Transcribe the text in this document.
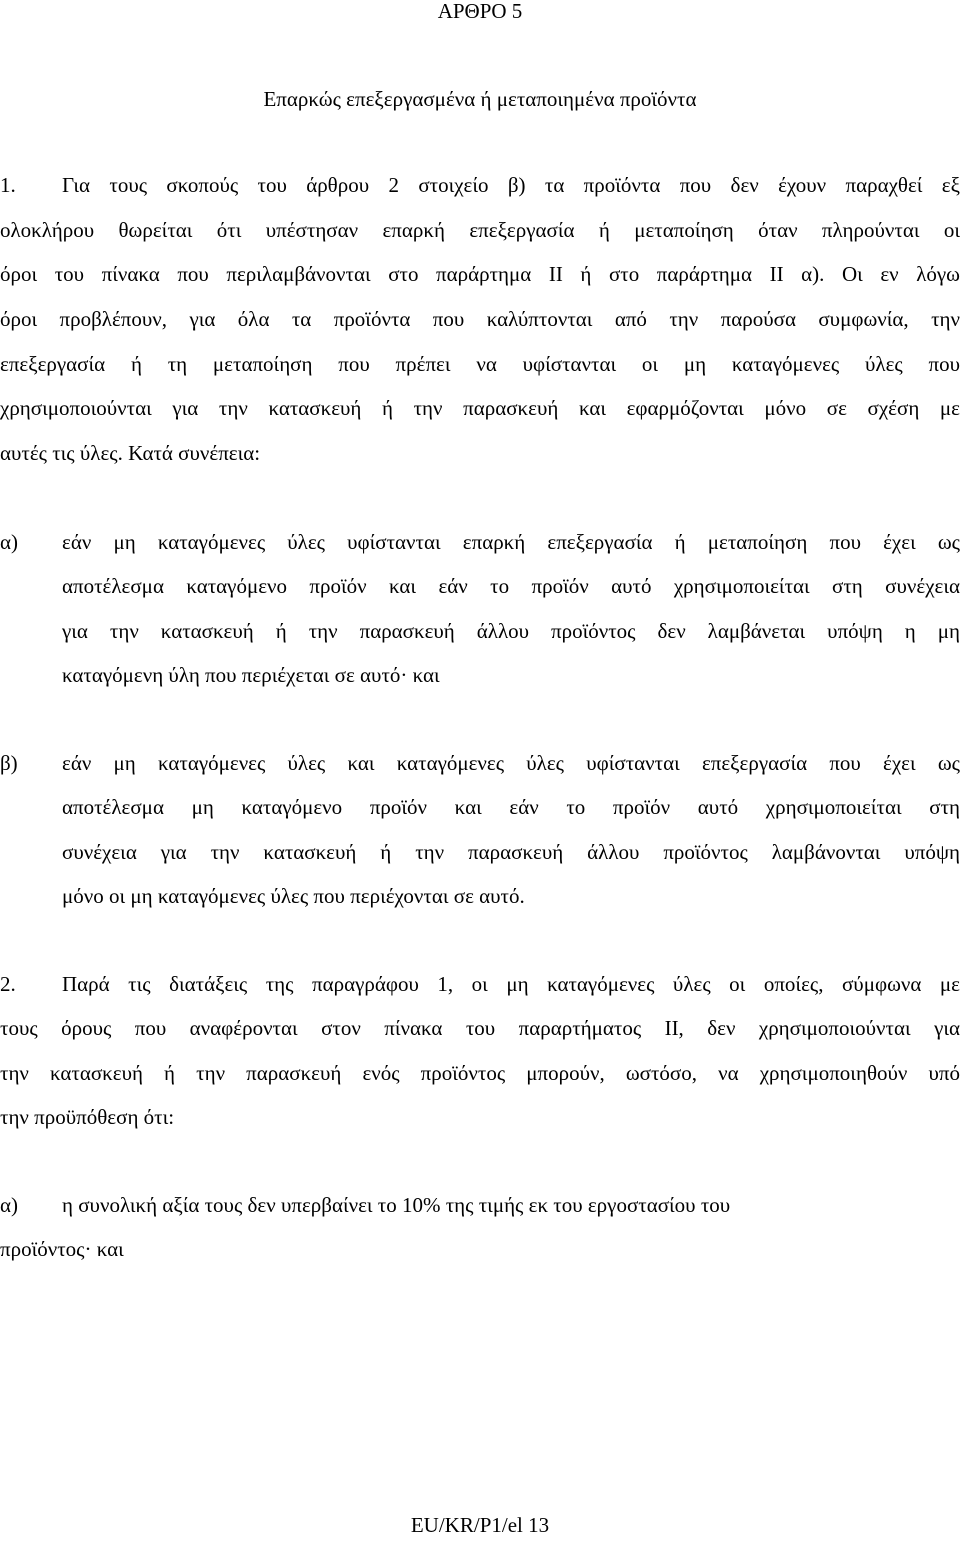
ΑΡΘΡΟ 5

Επαρκώς επεξεργασμένα ή μεταποιημένα προϊόντα

1.	Για τους σκοπούς του άρθρου 2 στοιχείο β) τα προϊόντα που δεν έχουν παραχθεί εξ

ολοκλήρου θωρείται ότι υπέστησαν επαρκή επεξεργασία ή μεταποίηση όταν πληρούνται οι

όροι του πίνακα που περιλαμβάνονται στο παράρτημα ΙΙ ή στο παράρτημα ΙΙ α). Οι εν λόγω

όροι προβλέπουν, για όλα τα προϊόντα που καλύπτονται από την παρούσα συμφωνία, την

επεξεργασία ή τη μεταποίηση που πρέπει να υφίστανται οι μη καταγόμενες ύλες που

χρησιμοποιούνται για την κατασκευή ή την παρασκευή και εφαρμόζονται μόνο σε σχέση με

αυτές τις ύλες. Κατά συνέπεια:

α)	εάν μη καταγόμενες ύλες υφίστανται επαρκή επεξεργασία ή μεταποίηση που έχει ως

αποτέλεσμα καταγόμενο προϊόν και εάν το προϊόν αυτό χρησιμοποιείται στη συνέχεια

για την κατασκευή ή την παρασκευή άλλου προϊόντος δεν λαμβάνεται υπόψη η μη

καταγόμενη ύλη που περιέχεται σε αυτό· και

β)	εάν μη καταγόμενες ύλες και καταγόμενες ύλες υφίστανται επεξεργασία που έχει ως

αποτέλεσμα μη καταγόμενο προϊόν και εάν το προϊόν αυτό χρησιμοποιείται στη

συνέχεια για την κατασκευή ή την παρασκευή άλλου προϊόντος λαμβάνονται υπόψη

μόνο οι μη καταγόμενες ύλες που περιέχονται σε αυτό.

2.	Παρά τις διατάξεις της παραγράφου 1, οι μη καταγόμενες ύλες οι οποίες, σύμφωνα με

τους όρους που αναφέρονται στον πίνακα του παραρτήματος ΙΙ, δεν χρησιμοποιούνται για

την κατασκευή ή την παρασκευή ενός προϊόντος μπορούν, ωστόσο, να χρησιμοποιηθούν υπό

την προϋπόθεση ότι:

α)	η συνολική αξία τους δεν υπερβαίνει το 10% της τιμής εκ του εργοστασίου του

προϊόντος· και

EU/KR/P1/el 13
